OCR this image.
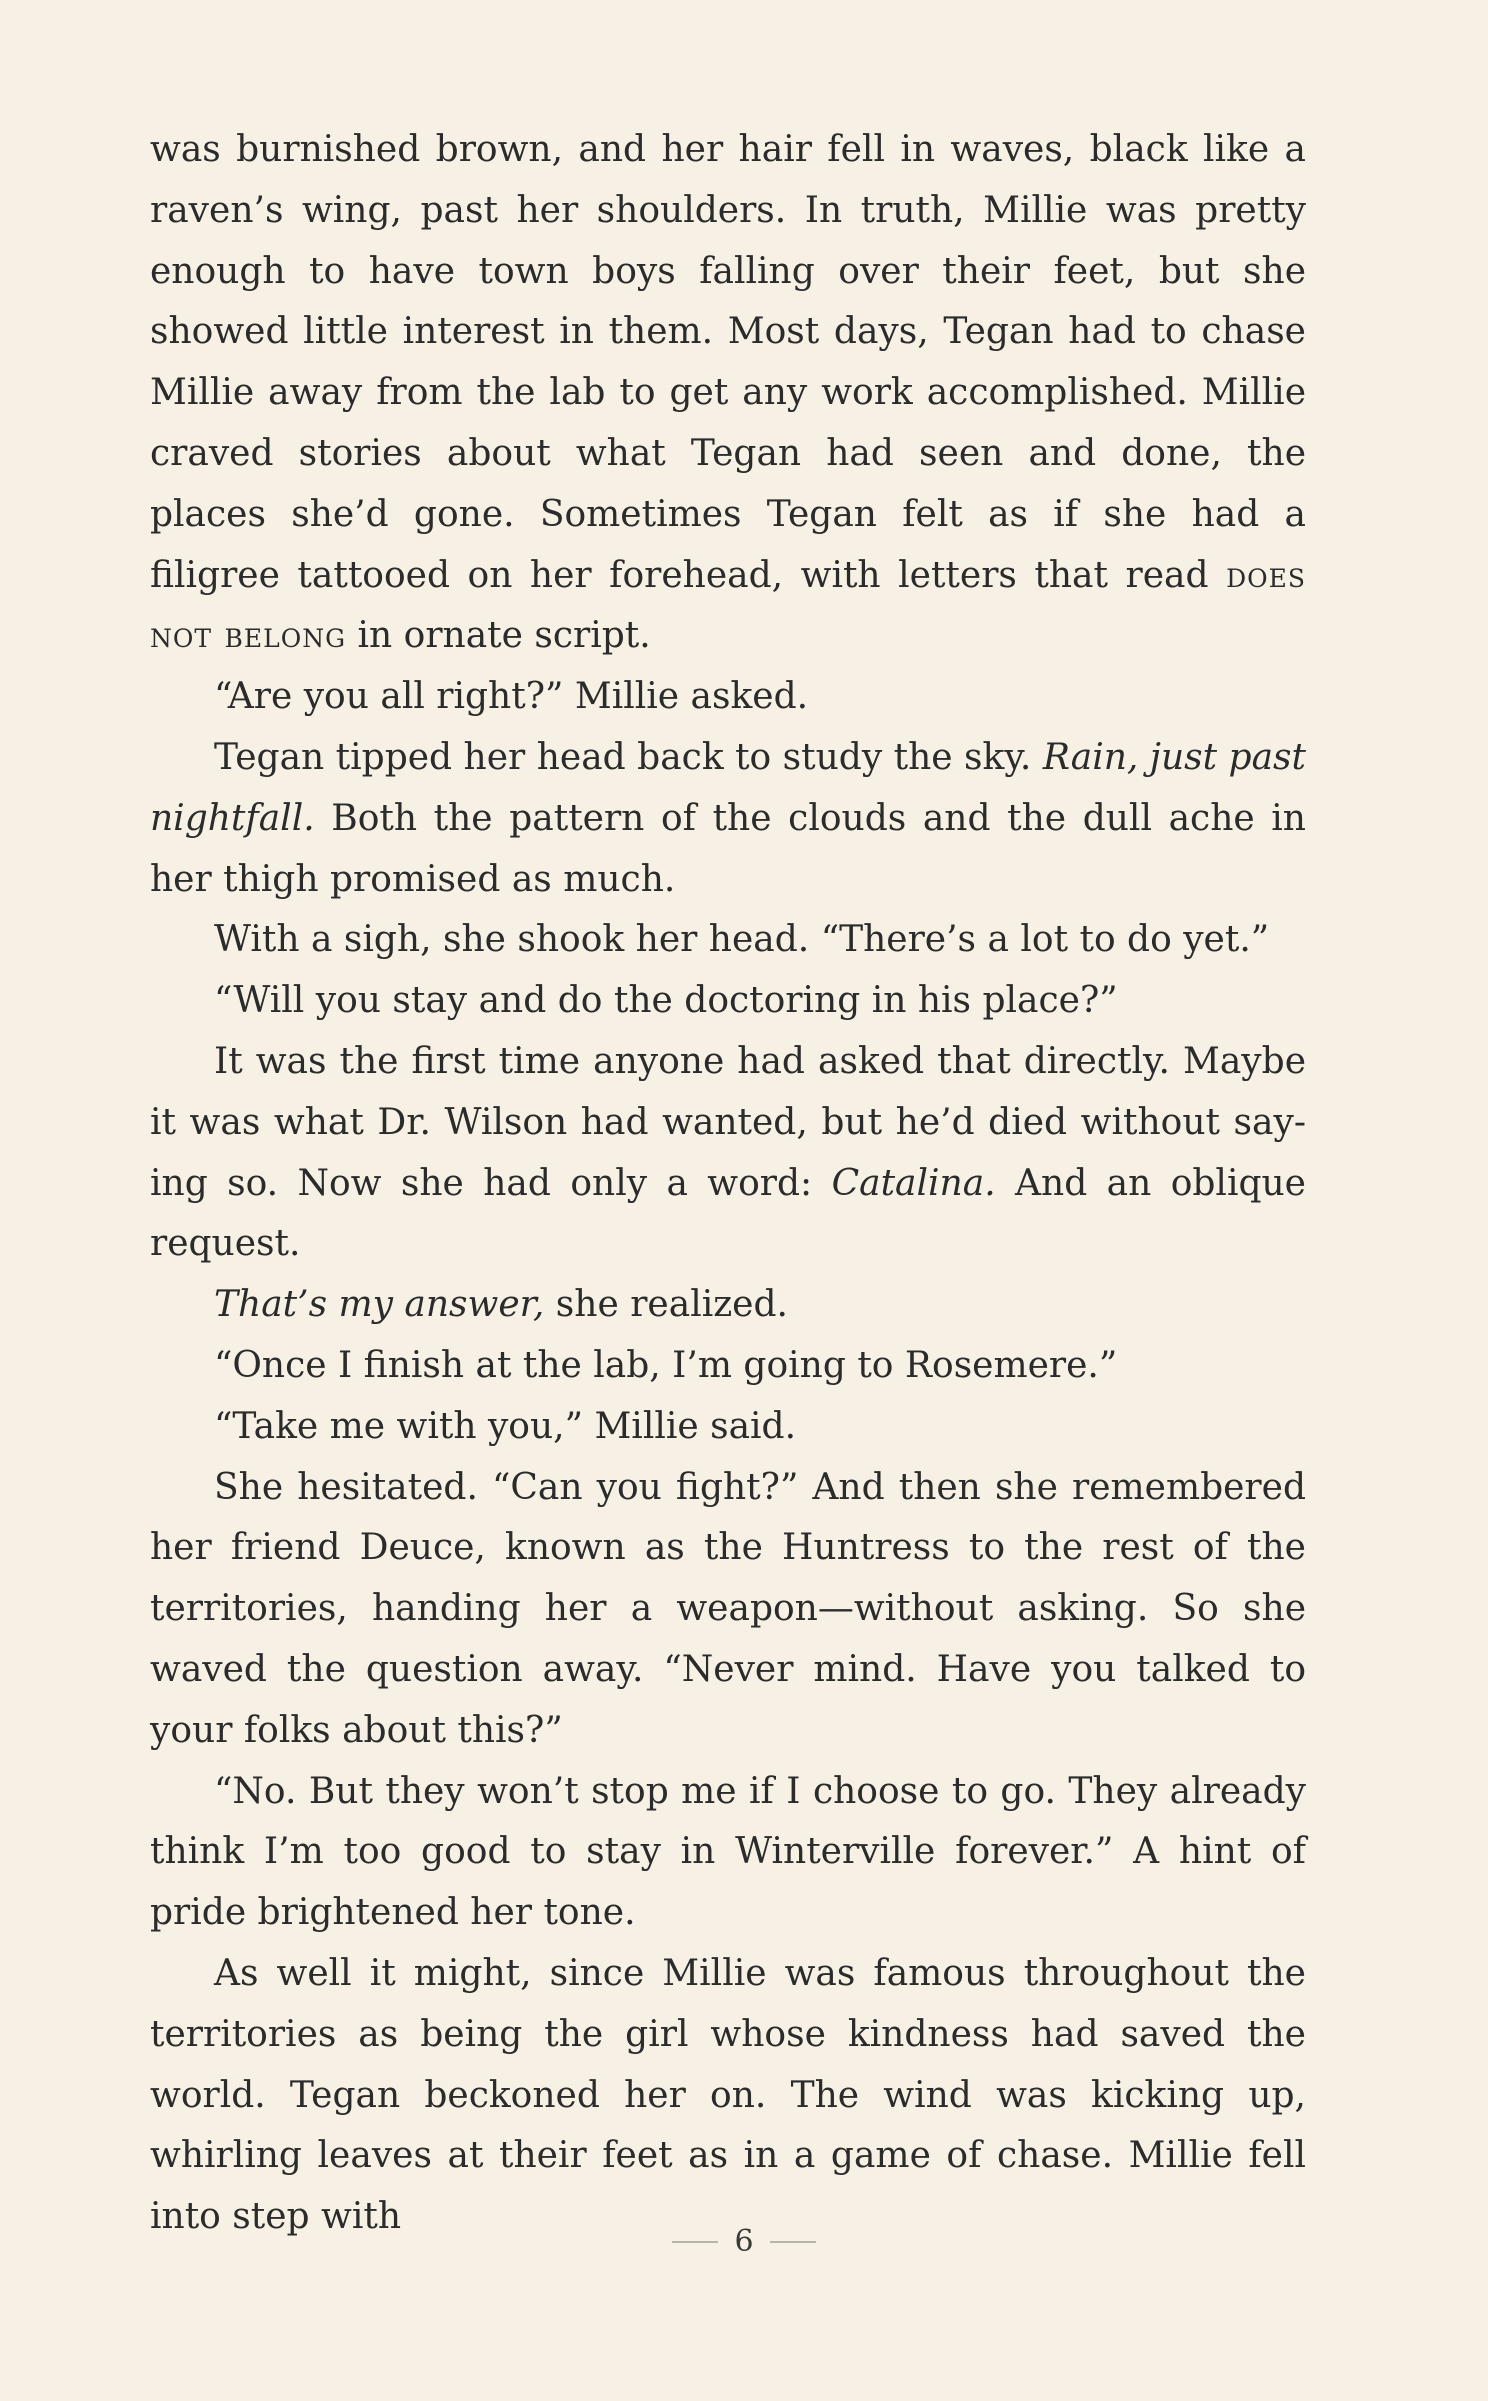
was burnished brown, and her hair fell in waves, black like a raven’s wing, past her shoulders. In truth, Millie was pretty enough to have town boys falling over their feet, but she showed little interest in them. Most days, Tegan had to chase Millie away from the lab to get any work accomplished. Millie craved stories about what Tegan had seen and done, the places she’d gone. Sometimes Tegan felt as if she had a filigree tattooed on her forehead, with letters that read does not belong in ornate script.

“Are you all right?” Millie asked.

Tegan tipped her head back to study the sky. Rain, just past nightfall. Both the pattern of the clouds and the dull ache in her thigh promised as much.

With a sigh, she shook her head. “There’s a lot to do yet.”

“Will you stay and do the doctoring in his place?”

It was the first time anyone had asked that directly. Maybe it was what Dr. Wilson had wanted, but he’d died without saying so. Now she had only a word: Catalina. And an oblique request.

That’s my answer, she realized.

“Once I finish at the lab, I’m going to Rosemere.”

“Take me with you,” Millie said.

She hesitated. “Can you fight?” And then she remembered her friend Deuce, known as the Huntress to the rest of the territories, handing her a weapon—without asking. So she waved the question away. “Never mind. Have you talked to your folks about this?”

“No. But they won’t stop me if I choose to go. They already think I’m too good to stay in Winterville forever.” A hint of pride brightened her tone.

As well it might, since Millie was famous throughout the territories as being the girl whose kindness had saved the world. Tegan beckoned her on. The wind was kicking up, whirling leaves at their feet as in a game of chase. Millie fell into step with

6
